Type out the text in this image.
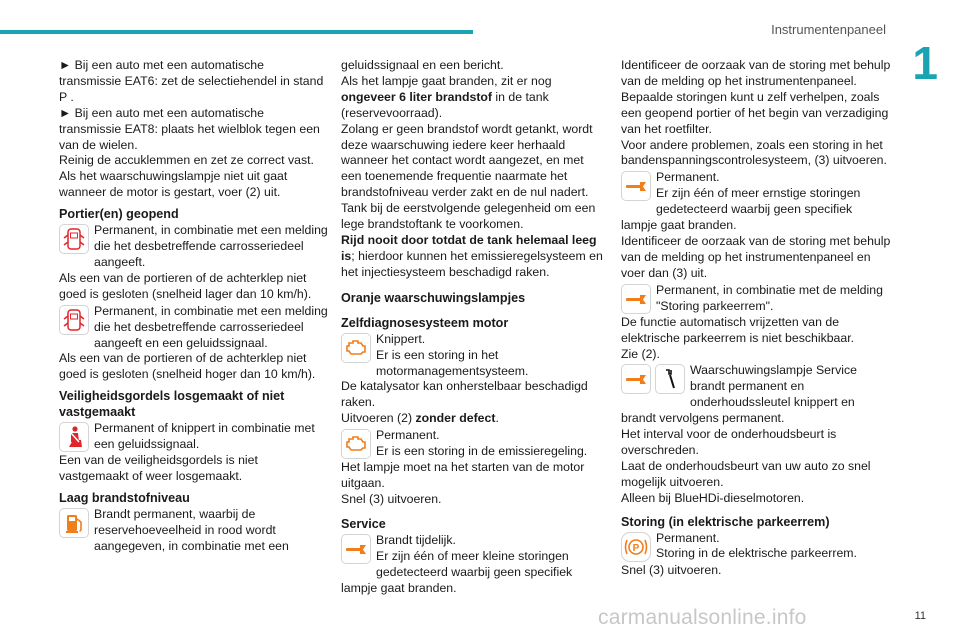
Instrumentenpaneel
1

► Bij een auto met een automatische transmissie EAT6: zet de selectiehendel in stand P .

► Bij een auto met een automatische transmissie EAT8: plaats het wielblok tegen een van de wielen.

Reinig de accuklemmen en zet ze correct vast.

Als het waarschuwingslampje niet uit gaat wanneer de motor is gestart, voer (2) uit.

Portier(en) geopend
Permanent, in combinatie met een melding die het desbetreffende carrosseriedeel aangeeft.

Als een van de portieren of de achterklep niet goed is gesloten (snelheid lager dan 10 km/h).

Permanent, in combinatie met een melding die het desbetreffende carrosseriedeel aangeeft en een geluidssignaal.

Als een van de portieren of de achterklep niet goed is gesloten (snelheid hoger dan 10 km/h).

Veiligheidsgordels losgemaakt of niet vastgemaakt
Permanent of knippert in combinatie met een geluidssignaal.

Een van de veiligheidsgordels is niet vastgemaakt of weer losgemaakt.

Laag brandstofniveau
Brandt permanent, waarbij de reservehoeveelheid in rood wordt aangegeven, in combinatie met een

geluidssignaal en een bericht.

Als het lampje gaat branden, zit er nog ongeveer 6 liter brandstof in de tank (reservevoorraad).

Zolang er geen brandstof wordt getankt, wordt deze waarschuwing iedere keer herhaald wanneer het contact wordt aangezet, en met een toenemende frequentie naarmate het brandstofniveau verder zakt en de nul nadert.

Tank bij de eerstvolgende gelegenheid om een lege brandstoftank te voorkomen.

Rijd nooit door totdat de tank helemaal leeg is; hierdoor kunnen het emissieregelsysteem en het injectiesysteem beschadigd raken.

Oranje waarschuwingslampjes
Zelfdiagnosesysteem motor
Knippert.
Er is een storing in het motormanagementsysteem.

De katalysator kan onherstelbaar beschadigd raken.

Uitvoeren (2) zonder defect.

Permanent.
Er is een storing in de emissieregeling.

Het lampje moet na het starten van de motor uitgaan.

Snel (3) uitvoeren.

Service
Brandt tijdelijk.
Er zijn één of meer kleine storingen gedetecteerd waarbij geen specifiek lampje gaat branden.

Identificeer de oorzaak van de storing met behulp van de melding op het instrumentenpaneel.

Bepaalde storingen kunt u zelf verhelpen, zoals een geopend portier of het begin van verzadiging van het roetfilter.

Voor andere problemen, zoals een storing in het bandenspanningscontrolesysteem, (3) uitvoeren.

Permanent.
Er zijn één of meer ernstige storingen gedetecteerd waarbij geen specifiek lampje gaat branden.

Identificeer de oorzaak van de storing met behulp van de melding op het instrumentenpaneel en voer dan (3) uit.

Permanent, in combinatie met de melding "Storing parkeerrem".

De functie automatisch vrijzetten van de elektrische parkeerrem is niet beschikbaar.

Zie (2).

Waarschuwingslampje Service brandt permanent en onderhoudssleutel knippert en brandt vervolgens permanent.

Het interval voor de onderhoudsbeurt is overschreden.

Laat de onderhoudsbeurt van uw auto zo snel mogelijk uitvoeren.

Alleen bij BlueHDi-dieselmotoren.

Storing (in elektrische parkeerrem)
P
Permanent.
Storing in de elektrische parkeerrem.

Snel (3) uitvoeren.

carmanualsonline.info	11
